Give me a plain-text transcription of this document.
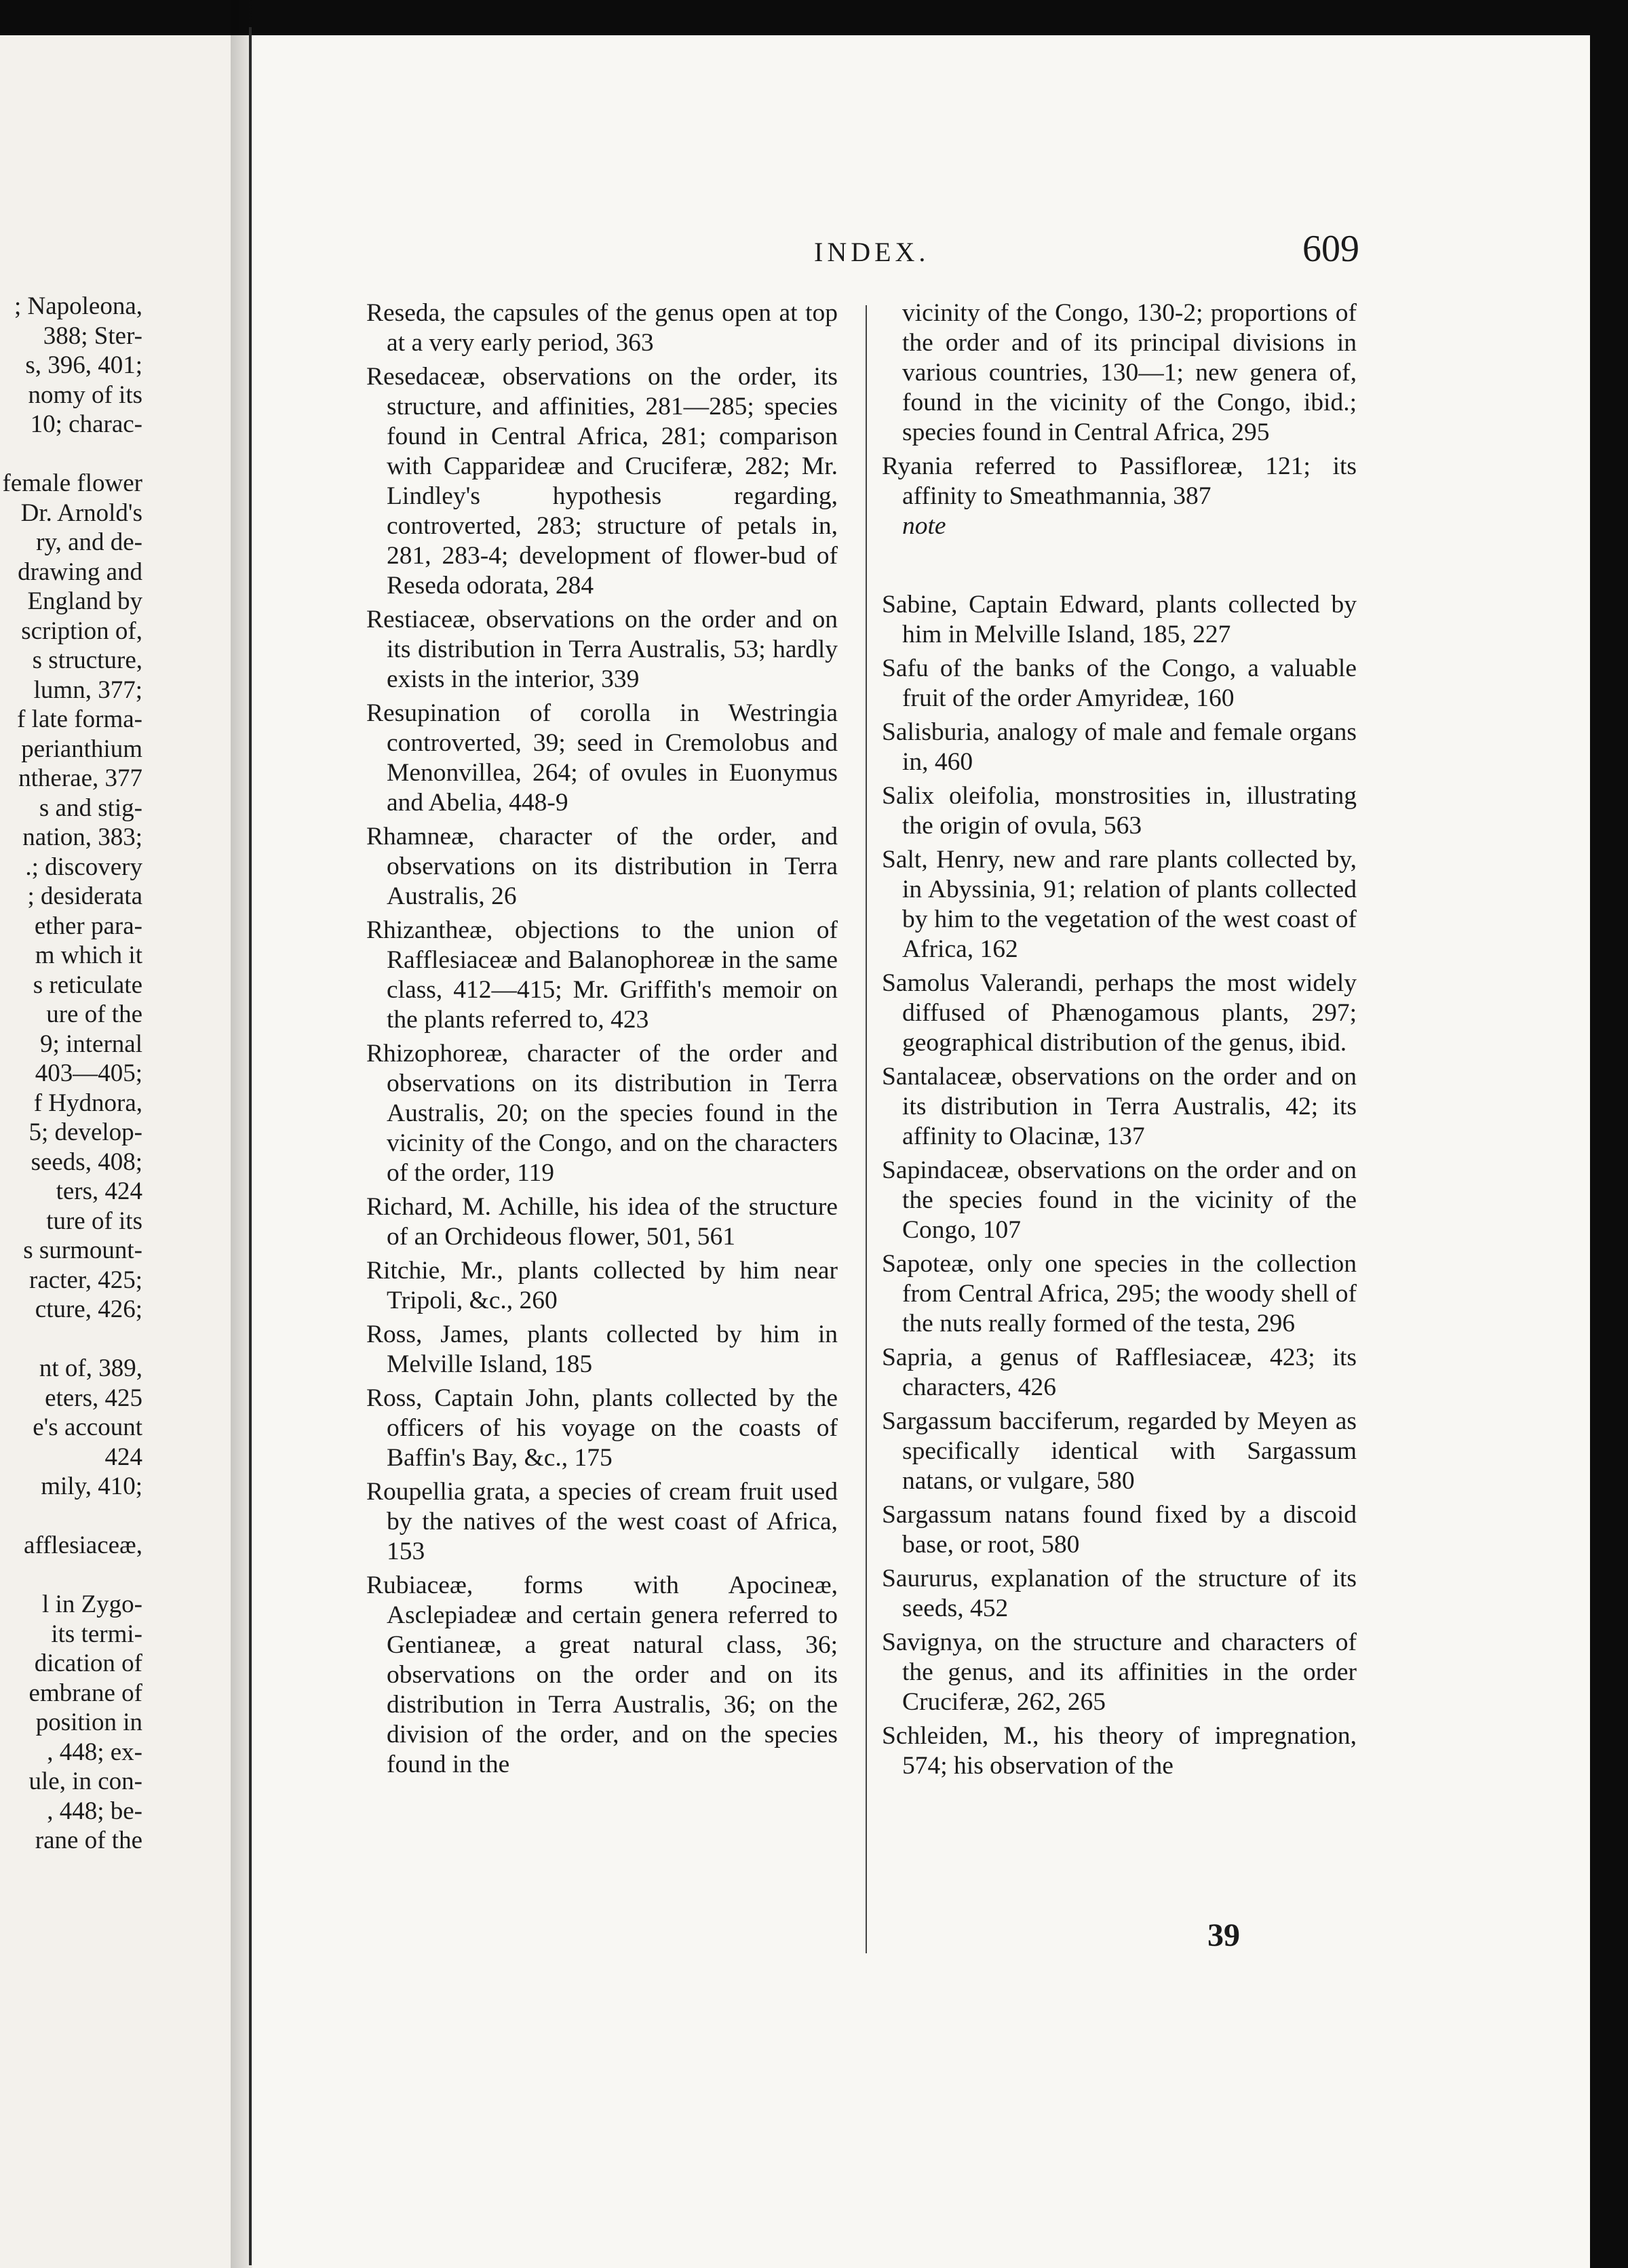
; Napoleona,
388; Ster-
s, 396, 401;
nomy of its
10; charac-
female flower
Dr. Arnold's
ry, and de-
drawing and
England by
scription of,
s structure,
lumn, 377;
f late forma-
perianthium
ntherae, 377
s and stig-
nation, 383;
.; discovery
; desiderata
ether para-
m which it
s reticulate
ure of the
9; internal
403—405;
f Hydnora,
5; develop-
seeds, 408;
ters, 424
ture of its
s surmount-
racter, 425;
cture, 426;
nt of, 389,
eters, 425
e's account
424
mily, 410;
afflesiaceæ,
l in Zygo-
its termi-
dication of
embrane of
position in
, 448; ex-
ule, in con-
, 448; be-
rane of the
INDEX.	609
Reseda, the capsules of the genus open at top at a very early period, 363
Resedaceæ, observations on the order, its structure, and affinities, 281—285; species found in Central Africa, 281; comparison with Capparideæ and Cruciferæ, 282; Mr. Lindley's hypothesis regarding, controverted, 283; structure of petals in, 281, 283-4; development of flower-bud of Reseda odorata, 284
Restiaceæ, observations on the order and on its distribution in Terra Australis, 53; hardly exists in the interior, 339
Resupination of corolla in Westringia controverted, 39; seed in Cremolobus and Menonvillea, 264; of ovules in Euonymus and Abelia, 448-9
Rhamneæ, character of the order, and observations on its distribution in Terra Australis, 26
Rhizantheæ, objections to the union of Rafflesiaceæ and Balanophoreæ in the same class, 412—415; Mr. Griffith's memoir on the plants referred to, 423
Rhizophoreæ, character of the order and observations on its distribution in Terra Australis, 20; on the species found in the vicinity of the Congo, and on the characters of the order, 119
Richard, M. Achille, his idea of the structure of an Orchideous flower, 501, 561
Ritchie, Mr., plants collected by him near Tripoli, &c., 260
Ross, James, plants collected by him in Melville Island, 185
Ross, Captain John, plants collected by the officers of his voyage on the coasts of Baffin's Bay, &c., 175
Roupellia grata, a species of cream fruit used by the natives of the west coast of Africa, 153
Rubiaceæ, forms with Apocineæ, Asclepiadeæ and certain genera referred to Gentianeæ, a great natural class, 36; observations on the order and on its distribution in Terra Australis, 36; on the division of the order, and on the species found in the
vicinity of the Congo, 130-2; proportions of the order and of its principal divisions in various countries, 130—1; new genera of, found in the vicinity of the Congo, ibid.; species found in Central Africa, 295
Ryania referred to Passifloreæ, 121; its affinity to Smeathmannia, 387
note
Sabine, Captain Edward, plants collected by him in Melville Island, 185, 227
Safu of the banks of the Congo, a valuable fruit of the order Amyrideæ, 160
Salisburia, analogy of male and female organs in, 460
Salix oleifolia, monstrosities in, illustrating the origin of ovula, 563
Salt, Henry, new and rare plants collected by, in Abyssinia, 91; relation of plants collected by him to the vegetation of the west coast of Africa, 162
Samolus Valerandi, perhaps the most widely diffused of Phænogamous plants, 297; geographical distribution of the genus, ibid.
Santalaceæ, observations on the order and on its distribution in Terra Australis, 42; its affinity to Olacinæ, 137
Sapindaceæ, observations on the order and on the species found in the vicinity of the Congo, 107
Sapoteæ, only one species in the collection from Central Africa, 295; the woody shell of the nuts really formed of the testa, 296
Sapria, a genus of Rafflesiaceæ, 423; its characters, 426
Sargassum bacciferum, regarded by Meyen as specifically identical with Sargassum natans, or vulgare, 580
Sargassum natans found fixed by a discoid base, or root, 580
Saururus, explanation of the structure of its seeds, 452
Savignya, on the structure and characters of the genus, and its affinities in the order Cruciferæ, 262, 265
Schleiden, M., his theory of impregnation, 574; his observation of the
39
